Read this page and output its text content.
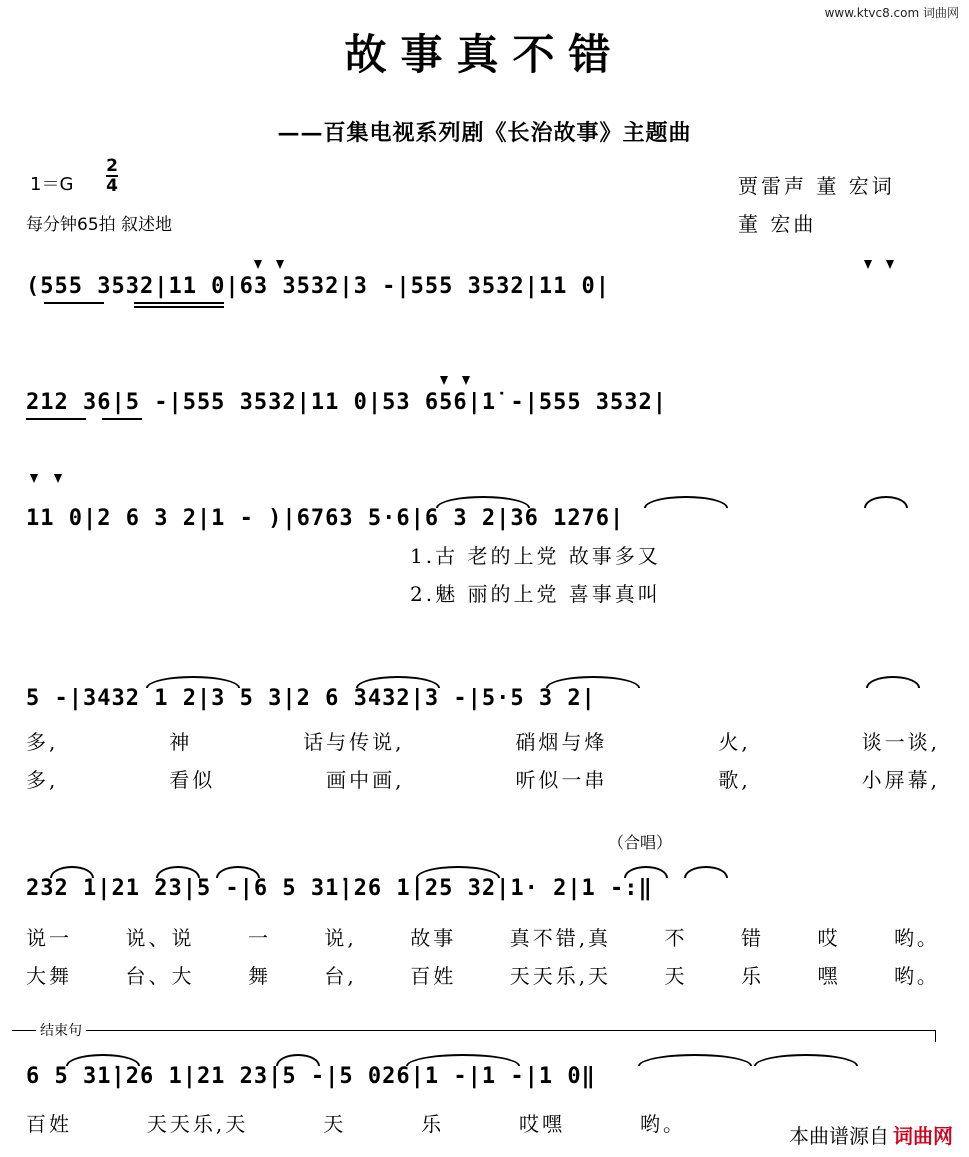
www.ktvc8.com 词曲网
故事真不错
——百集电视系列剧《长治故事》主题曲
1＝G
2
4
每分钟65拍 叙述地
贾雷声 董 宏词
董 宏曲
(555 3532|11 0|63 3532|3 -|555 3532|11 0|
212 36|5 -|555 3532|11 0|53 656|1̇ -|555 3532|
11 0|2 6 3 2|1 - )|6763 5·6|6 3 2|36 1276|
1.古 老的上党 故事多又
2.魅 丽的上党 喜事真叫
5 -|3432 1 2|3 5 3|2 6 3432|3 -|5·5 3 2|
多,	神	话与传说,	硝烟与烽	火,	谈一谈,
多,	看似	画中画,	听似一串	歌,	小屏幕,
（合唱）
232 1|21 23|5 -|6 5 31̇|26 1|25 32|1· 2|1 -:‖
说一	说、说	一	说,	故事	真不错,真	不	错	哎	哟。
大舞	台、大	舞	台,	百姓	天天乐,天	天	乐	嘿	哟。
结束句
6 5 31̇|26 1|21 23|5 -|5 026|1 -|1 -|1 0‖
百姓	天天乐,天	天	乐	哎嘿	哟。	本曲谱源自 词曲网
